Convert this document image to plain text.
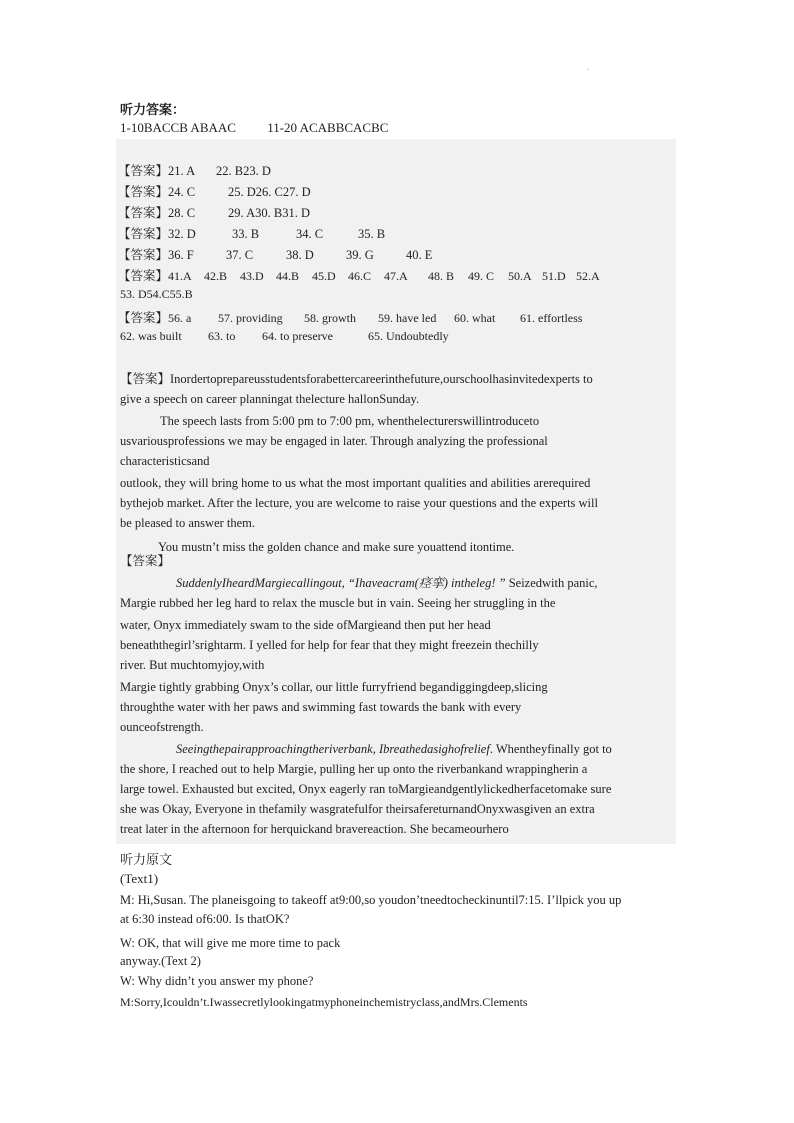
.
听力答案：
1-10BACCB ABAAC 11-20 ACABBCACBC
【答案】21. A 22. B23. D
【答案】24. C	25. D26. C27. D
【答案】28. C	29. A30. B31. D
【答案】32. D	33. B	34. C	35. B
【答案】36. F	37. C	38. D	39. G	40. E
【答案】41.A 42.B 43.D 44.B 45.D 46.C 47.A 48. B 49. C 50.A 51.D 52.A
53. D54.C55.B
【答案】56. a 57. providing 58. growth 59. have led 60. what 61. effortless
62. was built 63. to 64. to preserve	65. Undoubtedly
【答案】Inordertoprepareusstudentsforabettercareerinthefuture,ourschoolhasinvitedexperts to
give a speech on career planningat thelecture hallonSunday.
The speech lasts from 5:00 pm to 7:00 pm, whenthelecturerswillintroduceto
usvariousprofessions we may be engaged in later. Through analyzing the professional
characteristicsand
outlook, they will bring home to us what the most important qualities and abilities arerequired
bythejob market. After the lecture, you are welcome to raise your questions and the experts will
be pleased to answer them.
You mustn’t miss the golden chance and make sure youattend itontime.
【答案】
SuddenlyIheardMargiecallingout, “Ihaveacram(痉挛) intheleg! ” Seizedwith panic,
Margie rubbed her leg hard to relax the muscle but in vain. Seeing her struggling in the
water, Onyx immediately swam to the side ofMargieand then put her head
beneaththegirl’srightarm. I yelled for help for fear that they might freezein thechilly
river. But muchtomyjoy,with
Margie tightly grabbing Onyx’s collar, our little furryfriend begandiggingdeep,slicing
throughthe water with her paws and swimming fast towards the bank with every
ounceofstrength.
Seeingthepairapproachingtheriverbank, Ibreathedasighofrelief. Whentheyfinally got to
the shore, I reached out to help Margie, pulling her up onto the riverbankand wrappingherin a
large towel. Exhausted but excited, Onyx eagerly ran toMargieandgentlylickedherfacetomake sure
she was Okay, Everyone in thefamily wasgratefulfor theirsafereturnandOnyxwasgiven an extra
treat later in the afternoon for herquickand bravereaction. She becameourhero
听力原文
(Text1)
M: Hi,Susan. The planeisgoing to takeoff at9:00,so youdon’tneedtocheckinuntil7:15. I’llpick you up
at 6:30 instead of6:00. Is thatOK?
W: OK, that will give me more time to pack
anyway.(Text 2)
W: Why didn’t you answer my phone?
M:Sorry,Icouldn’t.Iwassecretlylookingatmyphoneinchemistryclass,andMrs.Clements
